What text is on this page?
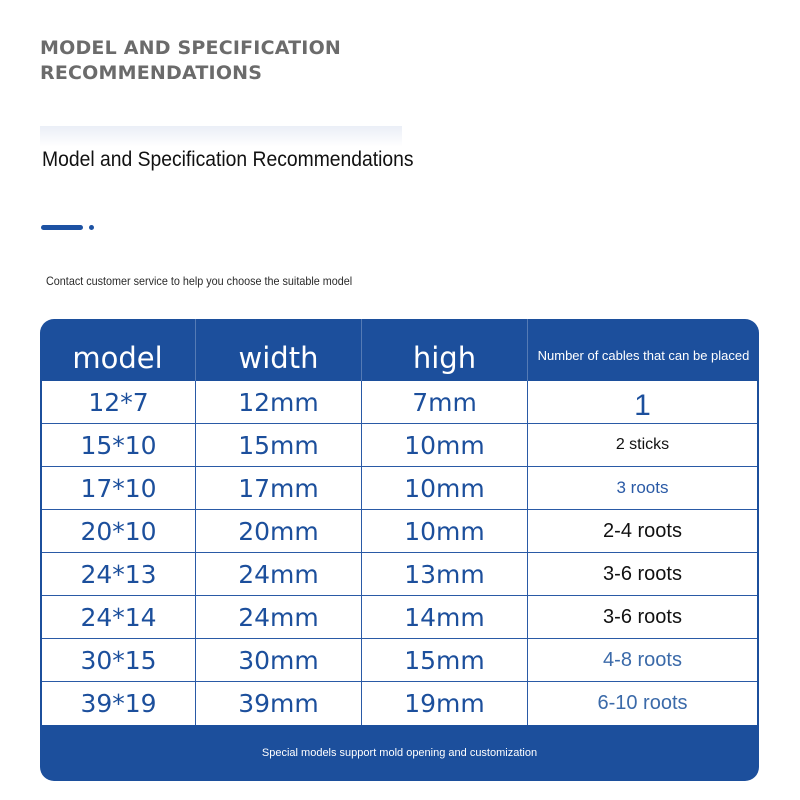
MODEL AND SPECIFICATION
RECOMMENDATIONS
Model and Specification Recommendations
Contact customer service to help you choose the suitable model
model	width	high	Number of cables that can be placed
12*7	12mm	7mm	1
15*10	15mm	10mm	2 sticks
17*10	17mm	10mm	3 roots
20*10	20mm	10mm	2-4 roots
24*13	24mm	13mm	3-6 roots
24*14	24mm	14mm	3-6 roots
30*15	30mm	15mm	4-8 roots
39*19	39mm	19mm	6-10 roots
Special models support mold opening and customization
